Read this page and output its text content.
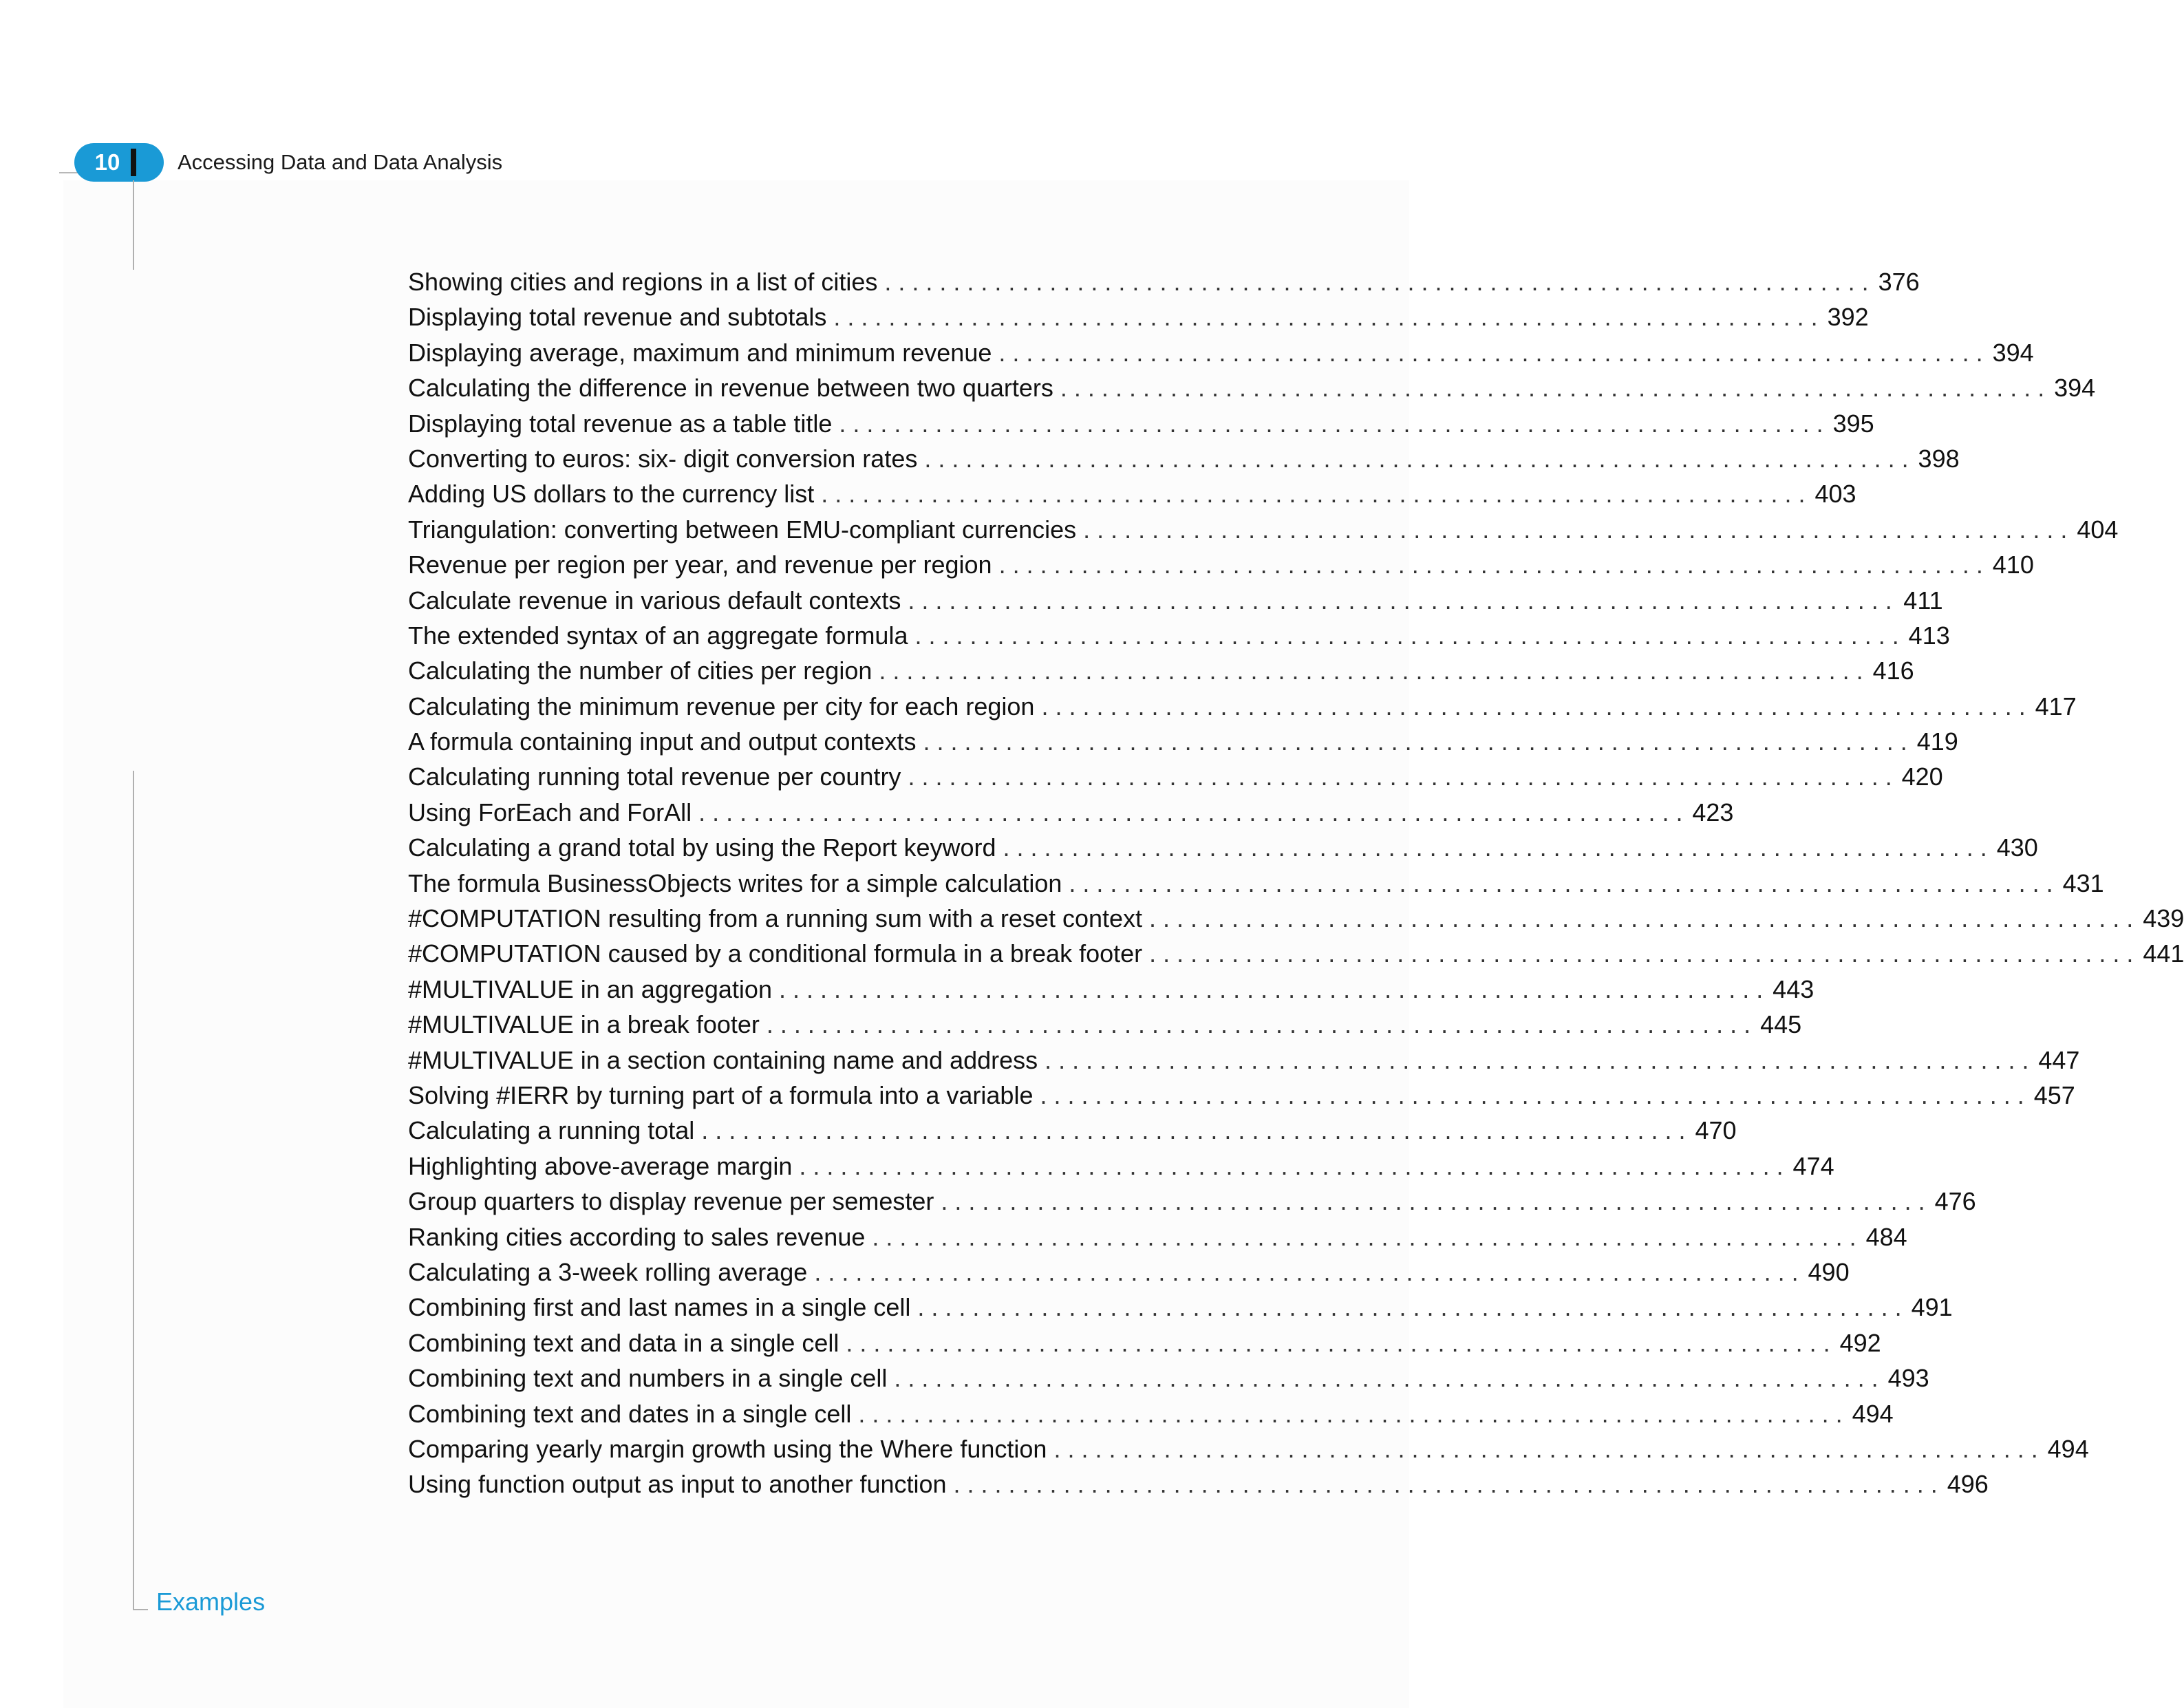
10	Accessing Data and Data Analysis
Examples
Showing cities and regions in a list of cities . . . . . . . . . . . . . . . . . . . . . . . . . . . . . . . . . . . . . . . . . . . . . . . . . . . . . . . . . . . . . . . . . . . . . . . . 376
Displaying total revenue and subtotals . . . . . . . . . . . . . . . . . . . . . . . . . . . . . . . . . . . . . . . . . . . . . . . . . . . . . . . . . . . . . . . . . . . . . . . . 392
Displaying average, maximum and minimum revenue . . . . . . . . . . . . . . . . . . . . . . . . . . . . . . . . . . . . . . . . . . . . . . . . . . . . . . . . . . . . . . . . . . . . . . . . 394
Calculating the difference in revenue between two quarters . . . . . . . . . . . . . . . . . . . . . . . . . . . . . . . . . . . . . . . . . . . . . . . . . . . . . . . . . . . . . . . . . . . . . . . . 394
Displaying total revenue as a table title . . . . . . . . . . . . . . . . . . . . . . . . . . . . . . . . . . . . . . . . . . . . . . . . . . . . . . . . . . . . . . . . . . . . . . . . 395
Converting to euros: six- digit conversion rates . . . . . . . . . . . . . . . . . . . . . . . . . . . . . . . . . . . . . . . . . . . . . . . . . . . . . . . . . . . . . . . . . . . . . . . . 398
Adding US dollars to the currency list . . . . . . . . . . . . . . . . . . . . . . . . . . . . . . . . . . . . . . . . . . . . . . . . . . . . . . . . . . . . . . . . . . . . . . . . 403
Triangulation: converting between EMU-compliant currencies . . . . . . . . . . . . . . . . . . . . . . . . . . . . . . . . . . . . . . . . . . . . . . . . . . . . . . . . . . . . . . . . . . . . . . . . 404
Revenue per region per year, and revenue per region . . . . . . . . . . . . . . . . . . . . . . . . . . . . . . . . . . . . . . . . . . . . . . . . . . . . . . . . . . . . . . . . . . . . . . . . 410
Calculate revenue in various default contexts . . . . . . . . . . . . . . . . . . . . . . . . . . . . . . . . . . . . . . . . . . . . . . . . . . . . . . . . . . . . . . . . . . . . . . . . 411
The extended syntax of an aggregate formula . . . . . . . . . . . . . . . . . . . . . . . . . . . . . . . . . . . . . . . . . . . . . . . . . . . . . . . . . . . . . . . . . . . . . . . . 413
Calculating the number of cities per region . . . . . . . . . . . . . . . . . . . . . . . . . . . . . . . . . . . . . . . . . . . . . . . . . . . . . . . . . . . . . . . . . . . . . . . . 416
Calculating the minimum revenue per city for each region . . . . . . . . . . . . . . . . . . . . . . . . . . . . . . . . . . . . . . . . . . . . . . . . . . . . . . . . . . . . . . . . . . . . . . . . 417
A formula containing input and output contexts . . . . . . . . . . . . . . . . . . . . . . . . . . . . . . . . . . . . . . . . . . . . . . . . . . . . . . . . . . . . . . . . . . . . . . . . 419
Calculating running total revenue per country . . . . . . . . . . . . . . . . . . . . . . . . . . . . . . . . . . . . . . . . . . . . . . . . . . . . . . . . . . . . . . . . . . . . . . . . 420
Using ForEach and ForAll . . . . . . . . . . . . . . . . . . . . . . . . . . . . . . . . . . . . . . . . . . . . . . . . . . . . . . . . . . . . . . . . . . . . . . . . 423
Calculating a grand total by using the Report keyword . . . . . . . . . . . . . . . . . . . . . . . . . . . . . . . . . . . . . . . . . . . . . . . . . . . . . . . . . . . . . . . . . . . . . . . . 430
The formula BusinessObjects writes for a simple calculation . . . . . . . . . . . . . . . . . . . . . . . . . . . . . . . . . . . . . . . . . . . . . . . . . . . . . . . . . . . . . . . . . . . . . . . . 431
#COMPUTATION resulting from a running sum with a reset context . . . . . . . . . . . . . . . . . . . . . . . . . . . . . . . . . . . . . . . . . . . . . . . . . . . . . . . . . . . . . . . . . . . . . . . . 439
#COMPUTATION caused by a conditional formula in a break footer . . . . . . . . . . . . . . . . . . . . . . . . . . . . . . . . . . . . . . . . . . . . . . . . . . . . . . . . . . . . . . . . . . . . . . . . 441
#MULTIVALUE in an aggregation . . . . . . . . . . . . . . . . . . . . . . . . . . . . . . . . . . . . . . . . . . . . . . . . . . . . . . . . . . . . . . . . . . . . . . . . 443
#MULTIVALUE in a break footer . . . . . . . . . . . . . . . . . . . . . . . . . . . . . . . . . . . . . . . . . . . . . . . . . . . . . . . . . . . . . . . . . . . . . . . . 445
#MULTIVALUE in a section containing name and address . . . . . . . . . . . . . . . . . . . . . . . . . . . . . . . . . . . . . . . . . . . . . . . . . . . . . . . . . . . . . . . . . . . . . . . . 447
Solving #IERR by turning part of a formula into a variable . . . . . . . . . . . . . . . . . . . . . . . . . . . . . . . . . . . . . . . . . . . . . . . . . . . . . . . . . . . . . . . . . . . . . . . . 457
Calculating a running total . . . . . . . . . . . . . . . . . . . . . . . . . . . . . . . . . . . . . . . . . . . . . . . . . . . . . . . . . . . . . . . . . . . . . . . . 470
Highlighting above-average margin . . . . . . . . . . . . . . . . . . . . . . . . . . . . . . . . . . . . . . . . . . . . . . . . . . . . . . . . . . . . . . . . . . . . . . . . 474
Group quarters to display revenue per semester . . . . . . . . . . . . . . . . . . . . . . . . . . . . . . . . . . . . . . . . . . . . . . . . . . . . . . . . . . . . . . . . . . . . . . . . 476
Ranking cities according to sales revenue . . . . . . . . . . . . . . . . . . . . . . . . . . . . . . . . . . . . . . . . . . . . . . . . . . . . . . . . . . . . . . . . . . . . . . . . 484
Calculating a 3-week rolling average . . . . . . . . . . . . . . . . . . . . . . . . . . . . . . . . . . . . . . . . . . . . . . . . . . . . . . . . . . . . . . . . . . . . . . . . 490
Combining first and last names in a single cell . . . . . . . . . . . . . . . . . . . . . . . . . . . . . . . . . . . . . . . . . . . . . . . . . . . . . . . . . . . . . . . . . . . . . . . . 491
Combining text and data in a single cell . . . . . . . . . . . . . . . . . . . . . . . . . . . . . . . . . . . . . . . . . . . . . . . . . . . . . . . . . . . . . . . . . . . . . . . . 492
Combining text and numbers in a single cell . . . . . . . . . . . . . . . . . . . . . . . . . . . . . . . . . . . . . . . . . . . . . . . . . . . . . . . . . . . . . . . . . . . . . . . . 493
Combining text and dates in a single cell . . . . . . . . . . . . . . . . . . . . . . . . . . . . . . . . . . . . . . . . . . . . . . . . . . . . . . . . . . . . . . . . . . . . . . . . 494
Comparing yearly margin growth using the Where function . . . . . . . . . . . . . . . . . . . . . . . . . . . . . . . . . . . . . . . . . . . . . . . . . . . . . . . . . . . . . . . . . . . . . . . . 494
Using function output as input to another function . . . . . . . . . . . . . . . . . . . . . . . . . . . . . . . . . . . . . . . . . . . . . . . . . . . . . . . . . . . . . . . . . . . . . . . . 496
